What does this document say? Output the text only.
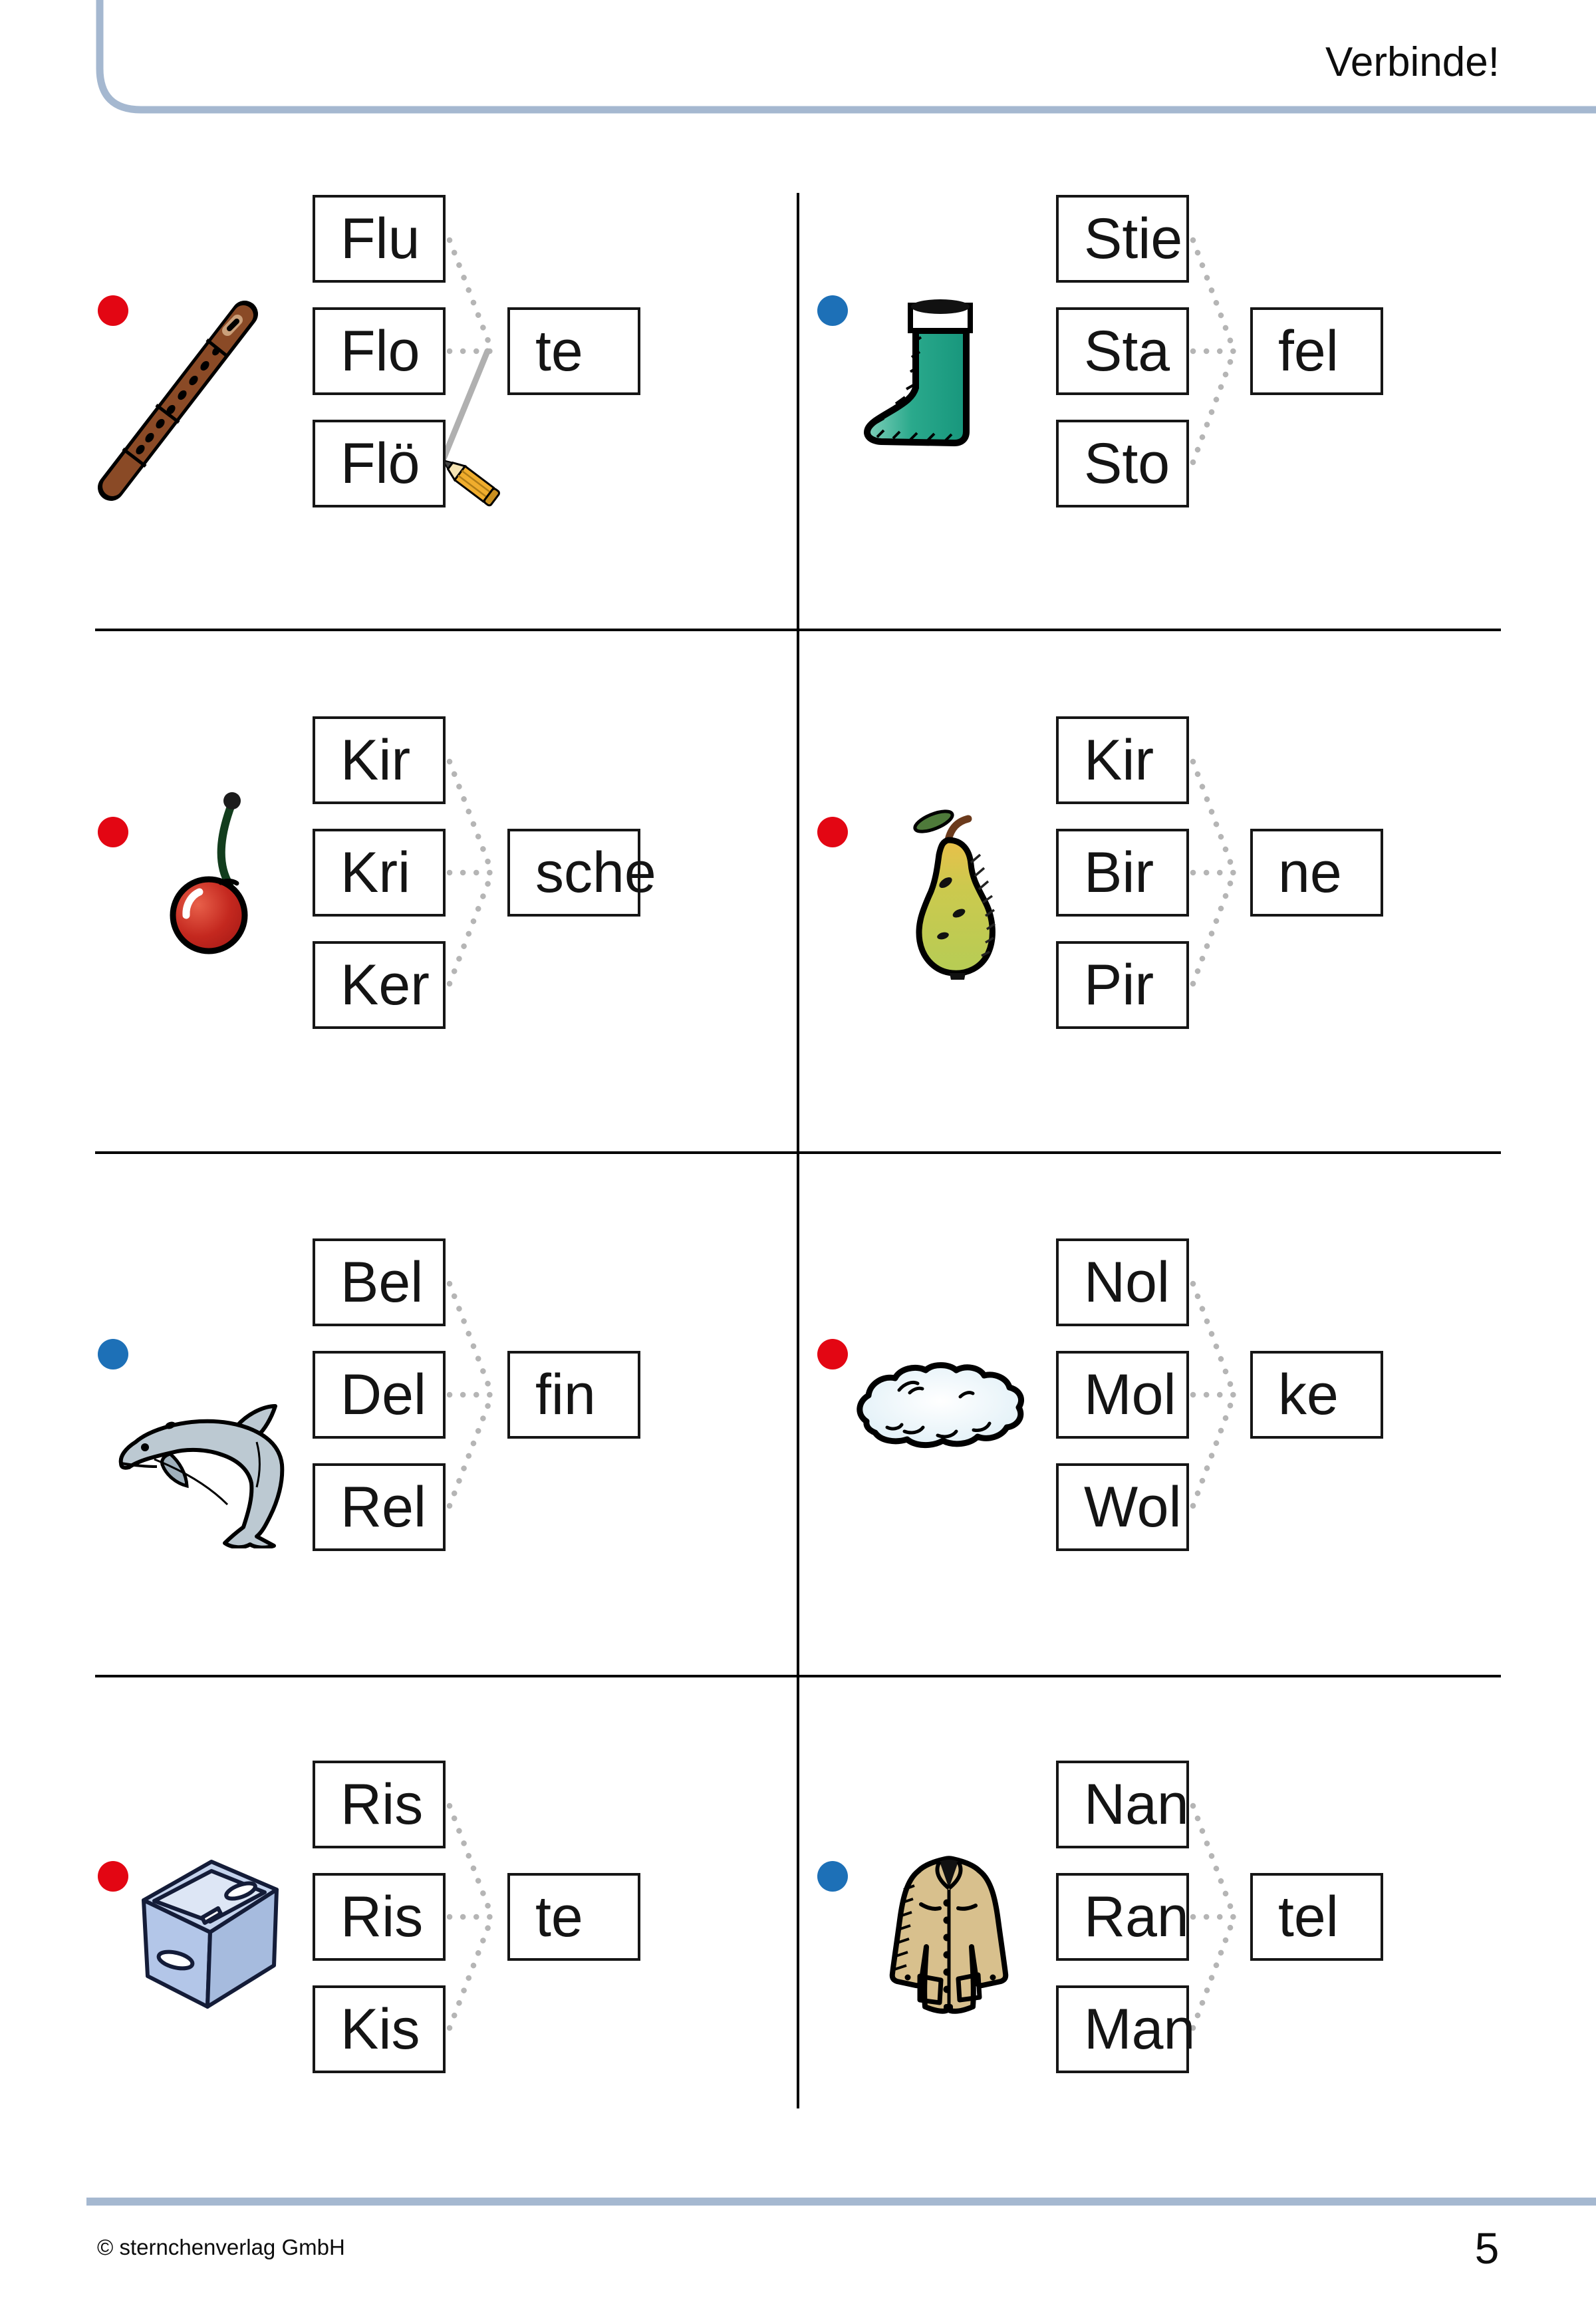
Verbinde!
Flu
Flo
Flö
te
Stie
Sta
Sto
fel
Kir
Kri
Ker
sche
Kir
Bir
Pir
ne
Bel
Del
Rel
fin
Nol
Mol
Wol
ke
Ris
Ris
Kis
te
Nan
Ran
Man
tel
© sternchenverlag GmbH	5
